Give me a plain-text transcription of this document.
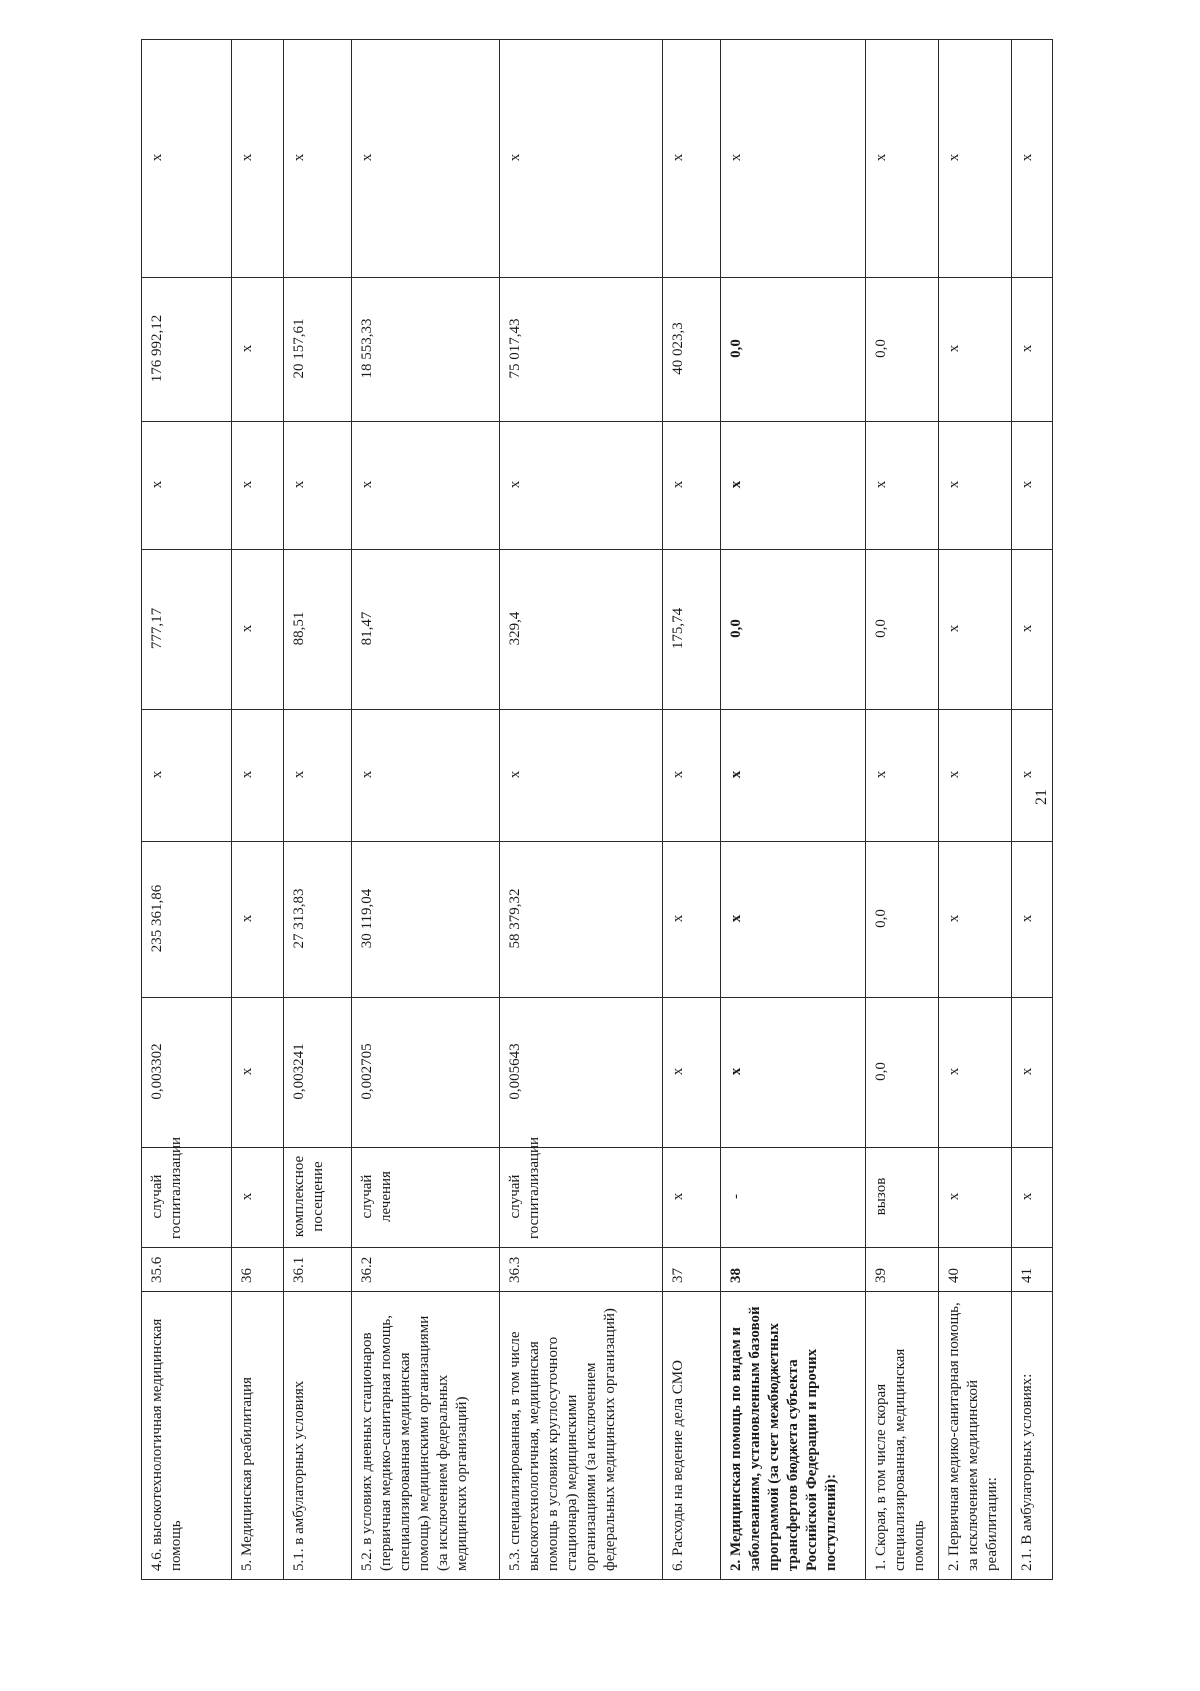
4.6. высокотехнологичная медицинская помощь	35.6	случай госпитализации	0,003302	235 361,86	x	777,17	x	176 992,12	x
5. Медицинская реабилитация	36	x	x	x	x	x	x	x	x
5.1. в амбулаторных условиях	36.1	комплексное посещение	0,003241	27 313,83	x	88,51	x	20 157,61	x
5.2. в условиях дневных стационаров (первичная медико-санитарная помощь, специализированная медицинская помощь) медицинскими организациями (за исключением федеральных медицинских организаций)	36.2	случай лечения	0,002705	30 119,04	x	81,47	x	18 553,33	x
5.3. специализированная, в том числе высокотехнологичная, медицинская помощь в условиях круглосуточного стационара) медицинскими организациями (за исключением федеральных медицинских организаций)	36.3	случай госпитализации	0,005643	58 379,32	x	329,4	x	75 017,43	x
6. Расходы на ведение дела СМО	37	x	x	x	x	175,74	x	40 023,3	x
2. Медицинская помощь по видам и заболеваниям, установленным базовой программой (за счет межбюджетных трансфертов бюджета субъекта Российской Федерации и прочих поступлений):	38	-	x	x	x	0,0	x	0,0	x
1. Скорая, в том числе скорая специализированная, медицинская помощь	39	вызов	0,0	0,0	x	0,0	x	0,0	x
2. Первичная медико-санитарная помощь, за исключением медицинской реабилитации:	40	x	x	x	x	x	x	x	x
2.1. В амбулаторных условиях:	41	x	x	x	x	x	x	x	x
21
